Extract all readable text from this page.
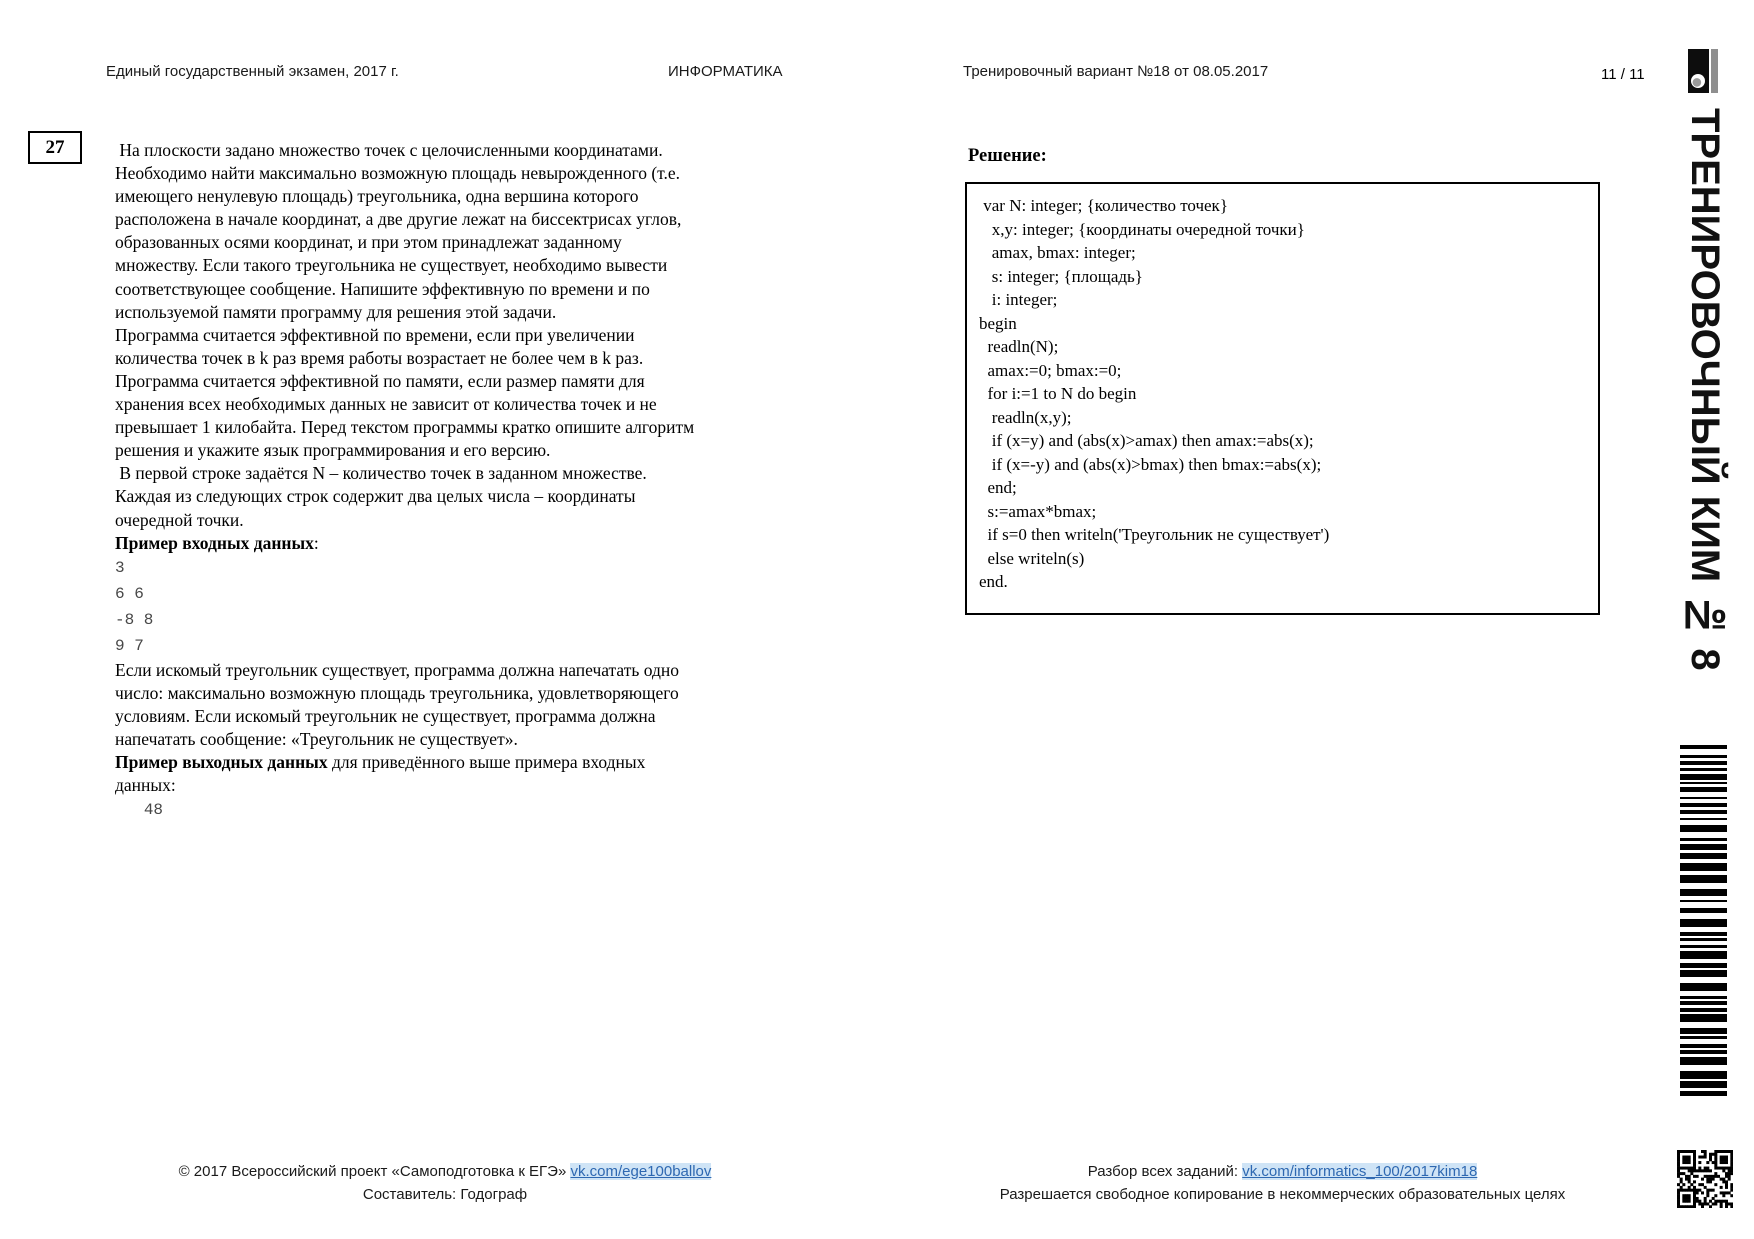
Единый государственный экзамен, 2017 г.	ИНФОРМАТИКА	Тренировочный вариант №18 от 08.05.2017	11 / 11
27	На плоскости задано множество точек с целочисленными координатами.
Необходимо найти максимально возможную площадь невырожденного (т.е.
имеющего ненулевую площадь) треугольника, одна вершина которого
расположена в начале координат, а две другие лежат на биссектрисах углов,
образованных осями координат, и при этом принадлежат заданному
множеству. Если такого треугольника не существует, необходимо вывести
соответствующее сообщение. Напишите эффективную по времени и по
используемой памяти программу для решения этой задачи.
Программа считается эффективной по времени, если при увеличении
количества точек в k раз время работы возрастает не более чем в k раз.
Программа считается эффективной по памяти, если размер памяти для
хранения всех необходимых данных не зависит от количества точек и не
превышает 1 килобайта. Перед текстом программы кратко опишите алгоритм
решения и укажите язык программирования и его версию.
В первой строке задаётся N – количество точек в заданном множестве.
Каждая из следующих строк содержит два целых числа – координаты
очередной точки.
Пример входных данных:
3
6 6
-8 8
9 7
Если искомый треугольник существует, программа должна напечатать одно
число: максимально возможную площадь треугольника, удовлетворяющего
условиям. Если искомый треугольник не существует, программа должна
напечатать сообщение: «Треугольник не существует».
Пример выходных данных для приведённого выше примера входных
данных:
48
Решение:
var N: integer; {количество точек}
x,y: integer; {координаты очередной точки}
amax, bmax: integer;
s: integer; {площадь}
i: integer;
begin
readln(N);
amax:=0; bmax:=0;
for i:=1 to N do begin
readln(x,y);
if (x=y) and (abs(x)>amax) then amax:=abs(x);
if (x=-y) and (abs(x)>bmax) then bmax:=abs(x);
end;
s:=amax*bmax;
if s=0 then writeln('Треугольник не существует')
else writeln(s)
end.	ТРЕНИРОВОЧНЫЙ КИМ № 8
© 2017 Всероссийский проект «Самоподготовка к ЕГЭ» vk.com/ege100ballov
Составитель: Годограф
Разбор всех заданий: vk.com/informatics_100/2017kim18
Разрешается свободное копирование в некоммерческих образовательных целях
